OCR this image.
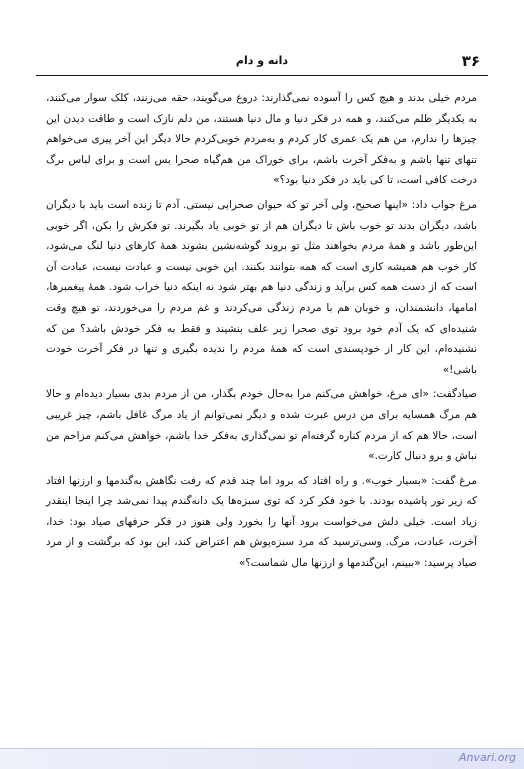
۳۶
دانه و دام

مردم خیلی بدند و هیچ کس را آسوده نمی‌گذارند: دروغ می‌گویند، حقه می‌زنند، کلک سوار می‌کنند، به یکدیگر ظلم می‌کنند، و همه در فکر دنیا و مال دنیا هستند، من دلم نازک است و طاقت دیدن این چیزها را ندارم، من هم یک عمری کار کردم و به‌مردم خوبی‌کردم حالا دیگر این آخر پیری می‌خواهم تنهای تنها باشم و به‌فکر آخرت باشم، برای خوراک من هم‌گیاه صحرا بس است و برای لباس برگ درخت کافی است، تا کی باید در فکر دنیا بود؟»

مرغ جواب داد: «اینها صحیح، ولی آخر تو که حیوان صحرایی نیستی. آدم تا زنده است باید با دیگران باشد، دیگران بدند تو خوب باش تا دیگران هم از تو خوبی یاد بگیرند. تو فکرش را بکن، اگر خوبی این‌طور باشد و همهٔ مردم بخواهند مثل تو بروند گوشه‌نشین بشوند همهٔ کارهای دنیا لنگ می‌شود، کار خوب هم همیشه کاری است که همه بتوانند بکنند. این خوبی نیست و عبادت نیست، عبادت آن است که از دست همه کس برآید و زندگی دنیا هم بهتر شود نه اینکه دنیا خراب شود. همهٔ پیغمبرها، امامها، دانشمندان، و خوبان هم با مردم زندگی می‌کردند و غم مردم را می‌خوردند، تو هیچ وقت شنیده‌ای که یک آدم خود برود توی صحرا زیر علف بنشیند و فقط به فکر خودش باشد؟ من که نشنیده‌ام، این کار از خودپسندی است که همهٔ مردم را ندیده بگیری و تنها در فکر آخرت خودت باشی!»

صیادگفت: «ای مرغ، خواهش می‌کنم مرا به‌حال خودم بگذار، من از مردم بدی بسیار دیده‌ام و حالا هم مرگ همسایه برای من درس عبرت شده و دیگر نمی‌توانم از یاد مرگ غافل باشم، چیز غریبی است، حالا هم که از مردم کناره گرفته‌ام تو نمی‌گذاری به‌فکر خدا باشم، خواهش می‌کنم مزاحم من نباش و برو دنبال کارت.»

مرغ گفت: «بسیار خوب». و راه افتاد که برود اما چند قدم که رفت نگاهش به‌گندمها و ارزنها افتاد که زیر تور پاشیده بودند. با خود فکر کرد که توی سبزه‌ها یک دانه‌گندم پیدا نمی‌شد چرا اینجا اینقدر زیاد است. خیلی دلش می‌خواست برود آنها را بخورد ولی هنوز در فکر حرفهای صیاد بود: خدا، آخرت، عبادت، مرگ. وسی‌ترسید که مرد سبزه‌پوش هم اعتراض کند، این بود که برگشت و از مرد صیاد پرسید: «ببینم، این‌گندمها و ارزنها مال شماست؟»

Anvari.org
